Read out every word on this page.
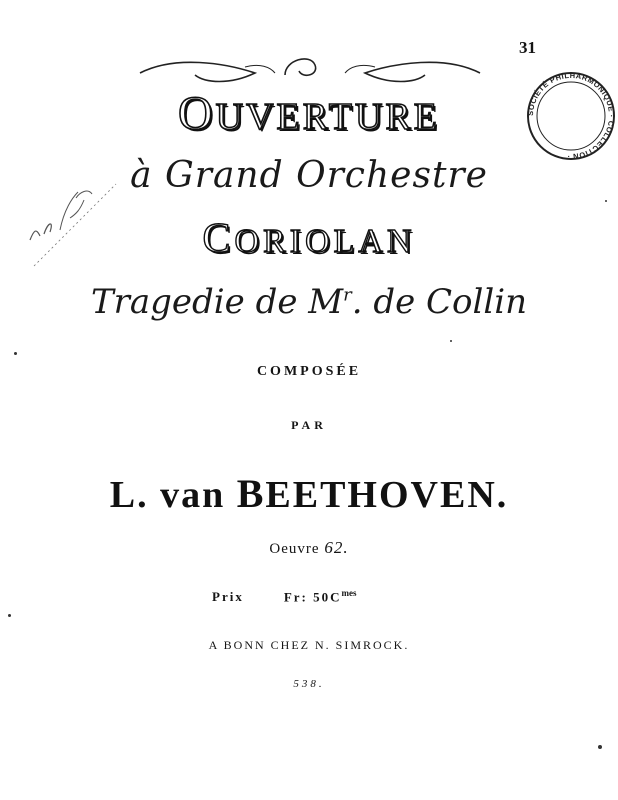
31
SOCIÉTÉ PHILHARMONIQUE · COLLECTION ·
OUVERTURE
à Grand Orchestre
CORIOLAN
Tragedie de $M^r$. de Collin
COMPOSÉE
PAR
L. van BEETHOVEN.
Oeuvre 62.
Prix	Fr: $50C^{mes}$
A BONN CHEZ N. SIMROCK.
538.
